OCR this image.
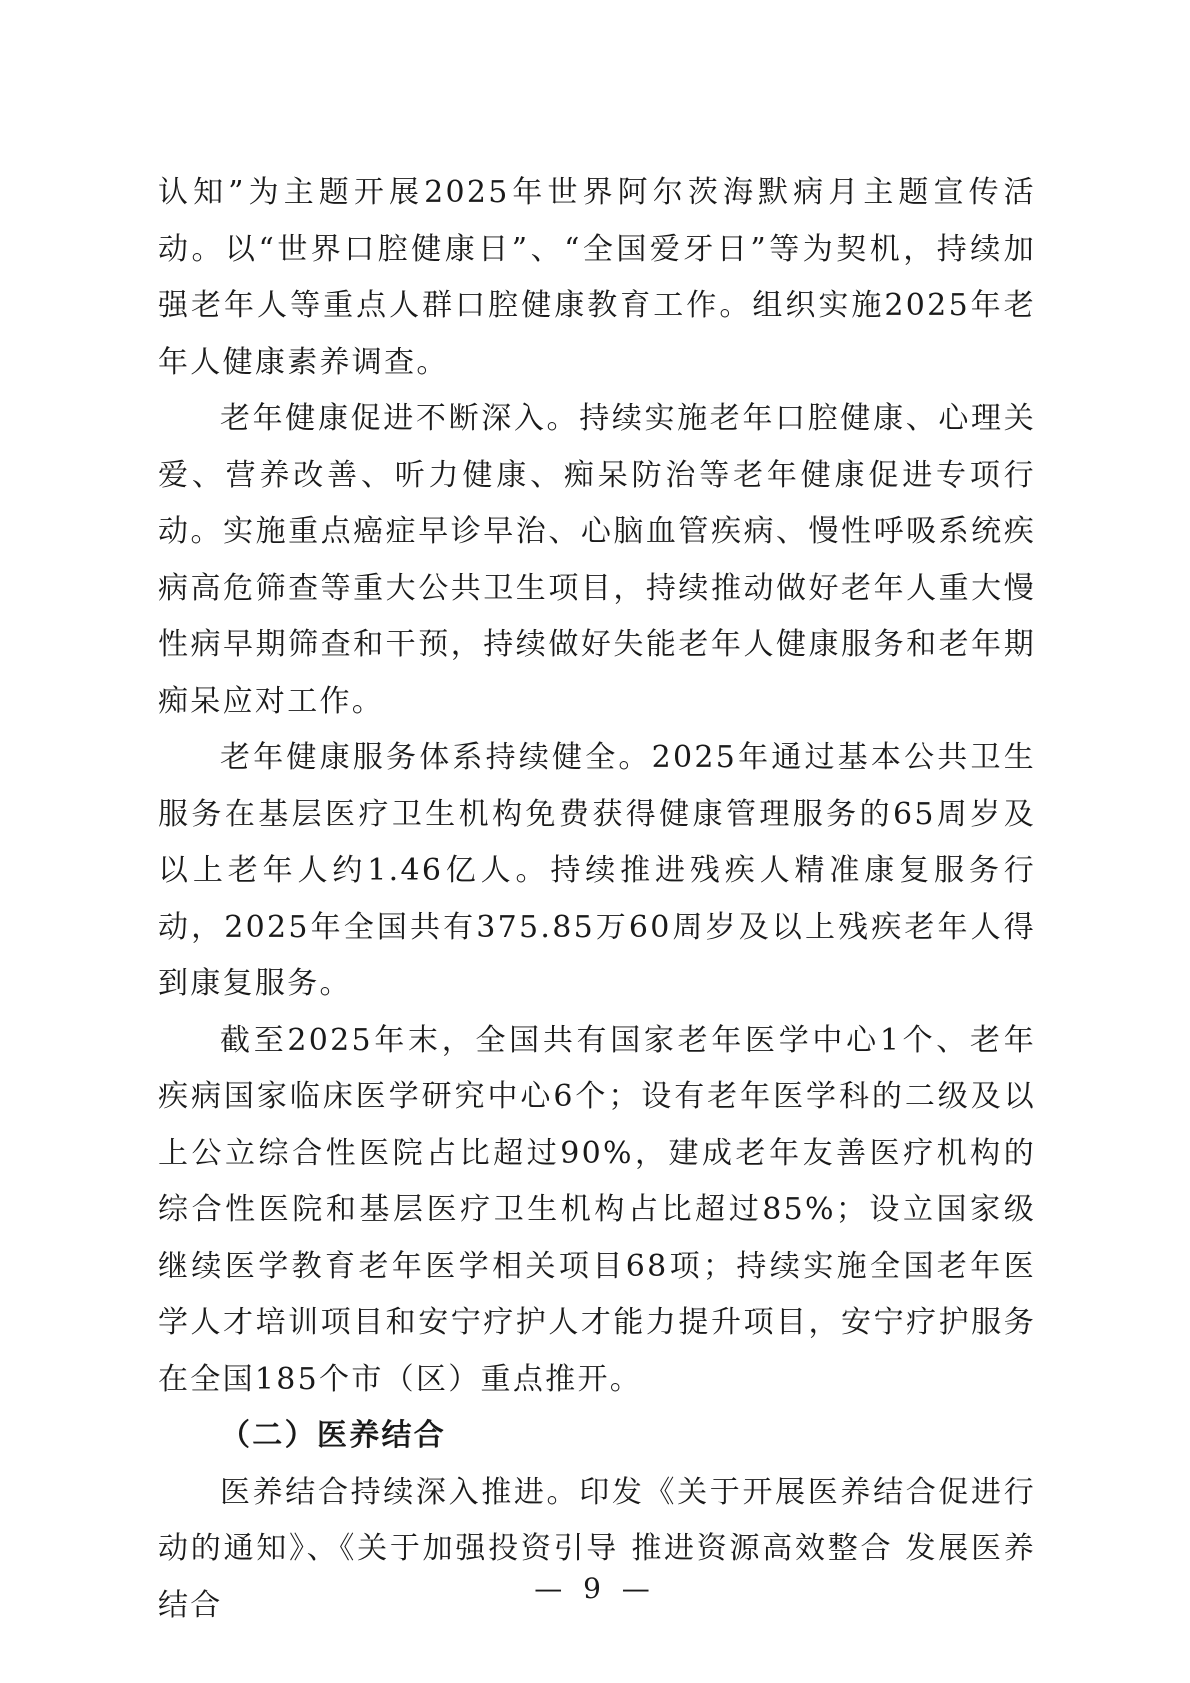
认知”为主题开展2025年世界阿尔茨海默病月主题宣传活动。以“世界口腔健康日”、“全国爱牙日”等为契机，持续加强老年人等重点人群口腔健康教育工作。组织实施2025年老年人健康素养调查。

老年健康促进不断深入。持续实施老年口腔健康、心理关爱、营养改善、听力健康、痴呆防治等老年健康促进专项行动。实施重点癌症早诊早治、心脑血管疾病、慢性呼吸系统疾病高危筛查等重大公共卫生项目，持续推动做好老年人重大慢性病早期筛查和干预，持续做好失能老年人健康服务和老年期痴呆应对工作。

老年健康服务体系持续健全。2025年通过基本公共卫生服务在基层医疗卫生机构免费获得健康管理服务的65周岁及以上老年人约1.46亿人。持续推进残疾人精准康复服务行动，2025年全国共有375.85万60周岁及以上残疾老年人得到康复服务。

截至2025年末，全国共有国家老年医学中心1个、老年疾病国家临床医学研究中心6个；设有老年医学科的二级及以上公立综合性医院占比超过90%，建成老年友善医疗机构的综合性医院和基层医疗卫生机构占比超过85%；设立国家级继续医学教育老年医学相关项目68项；持续实施全国老年医学人才培训项目和安宁疗护人才能力提升项目，安宁疗护服务在全国185个市（区）重点推开。

（二）医养结合

医养结合持续深入推进。印发《关于开展医养结合促进行动的通知》、《关于加强投资引导 推进资源高效整合 发展医养结合	— 9 —
